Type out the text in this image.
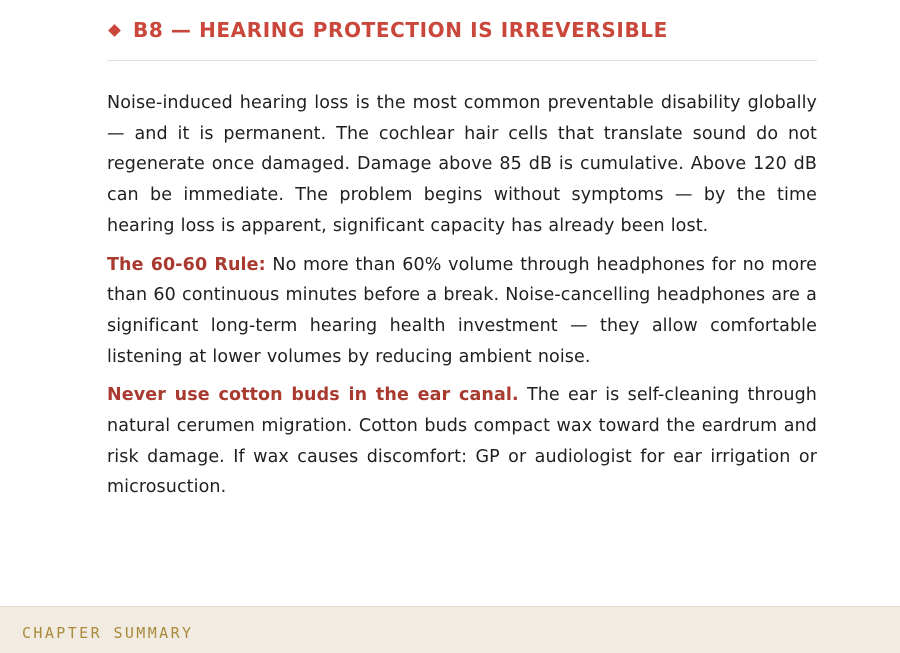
B8 — HEARING PROTECTION IS IRREVERSIBLE

Noise-induced hearing loss is the most common preventable disability globally — and it is permanent. The cochlear hair cells that translate sound do not regenerate once damaged. Damage above 85 dB is cumulative. Above 120 dB can be immediate. The problem begins without symptoms — by the time hearing loss is apparent, significant capacity has already been lost.

The 60-60 Rule: No more than 60% volume through headphones for no more than 60 continuous minutes before a break. Noise-cancelling headphones are a significant long-term hearing health investment — they allow comfortable listening at lower volumes by reducing ambient noise.

Never use cotton buds in the ear canal. The ear is self-cleaning through natural cerumen migration. Cotton buds compact wax toward the eardrum and risk damage. If wax causes discomfort: GP or audiologist for ear irrigation or microsuction.

CHAPTER SUMMARY
